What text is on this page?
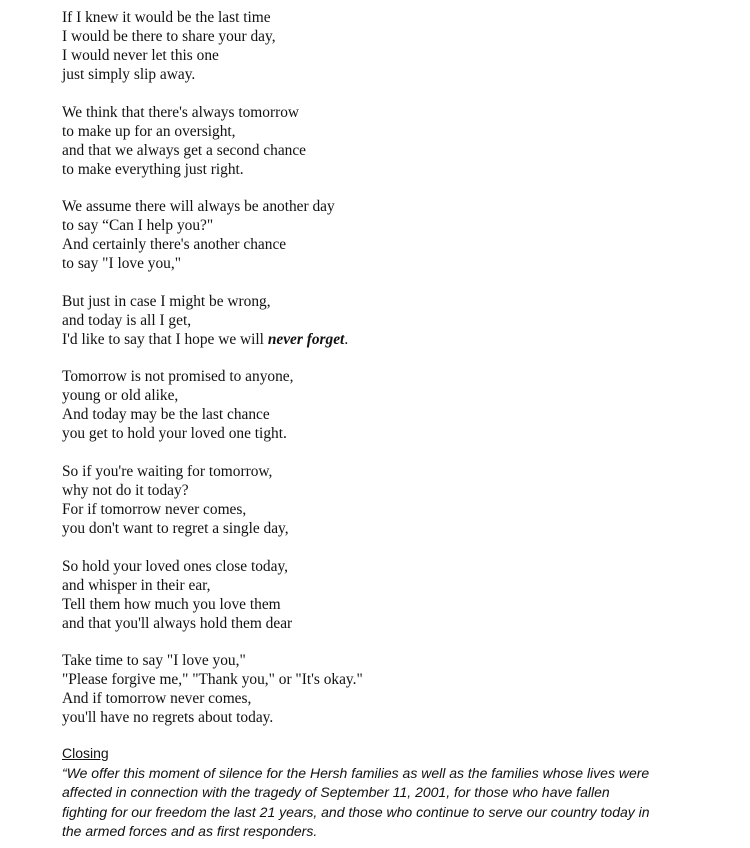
If I knew it would be the last time
I would be there to share your day,
I would never let this one
just simply slip away.
We think that there's always tomorrow
to make up for an oversight,
and that we always get a second chance
to make everything just right.
We assume there will always be another day
to say “Can I help you?"
And certainly there's another chance
to say "I love you,"
But just in case I might be wrong,
and today is all I get,
I'd like to say that I hope we will never forget.
Tomorrow is not promised to anyone,
young or old alike,
And today may be the last chance
you get to hold your loved one tight.
So if you're waiting for tomorrow,
why not do it today?
For if tomorrow never comes,
you don't want to regret a single day,
So hold your loved ones close today,
and whisper in their ear,
Tell them how much you love them
and that you'll always hold them dear
Take time to say "I love you,"
"Please forgive me," "Thank you," or "It's okay."
And if tomorrow never comes,
you'll have no regrets about today.
Closing
“We offer this moment of silence for the Hersh families as well as the families whose lives were
affected in connection with the tragedy of September 11, 2001, for those who have fallen
fighting for our freedom the last 21 years, and those who continue to serve our country today in
the armed forces and as first responders.
